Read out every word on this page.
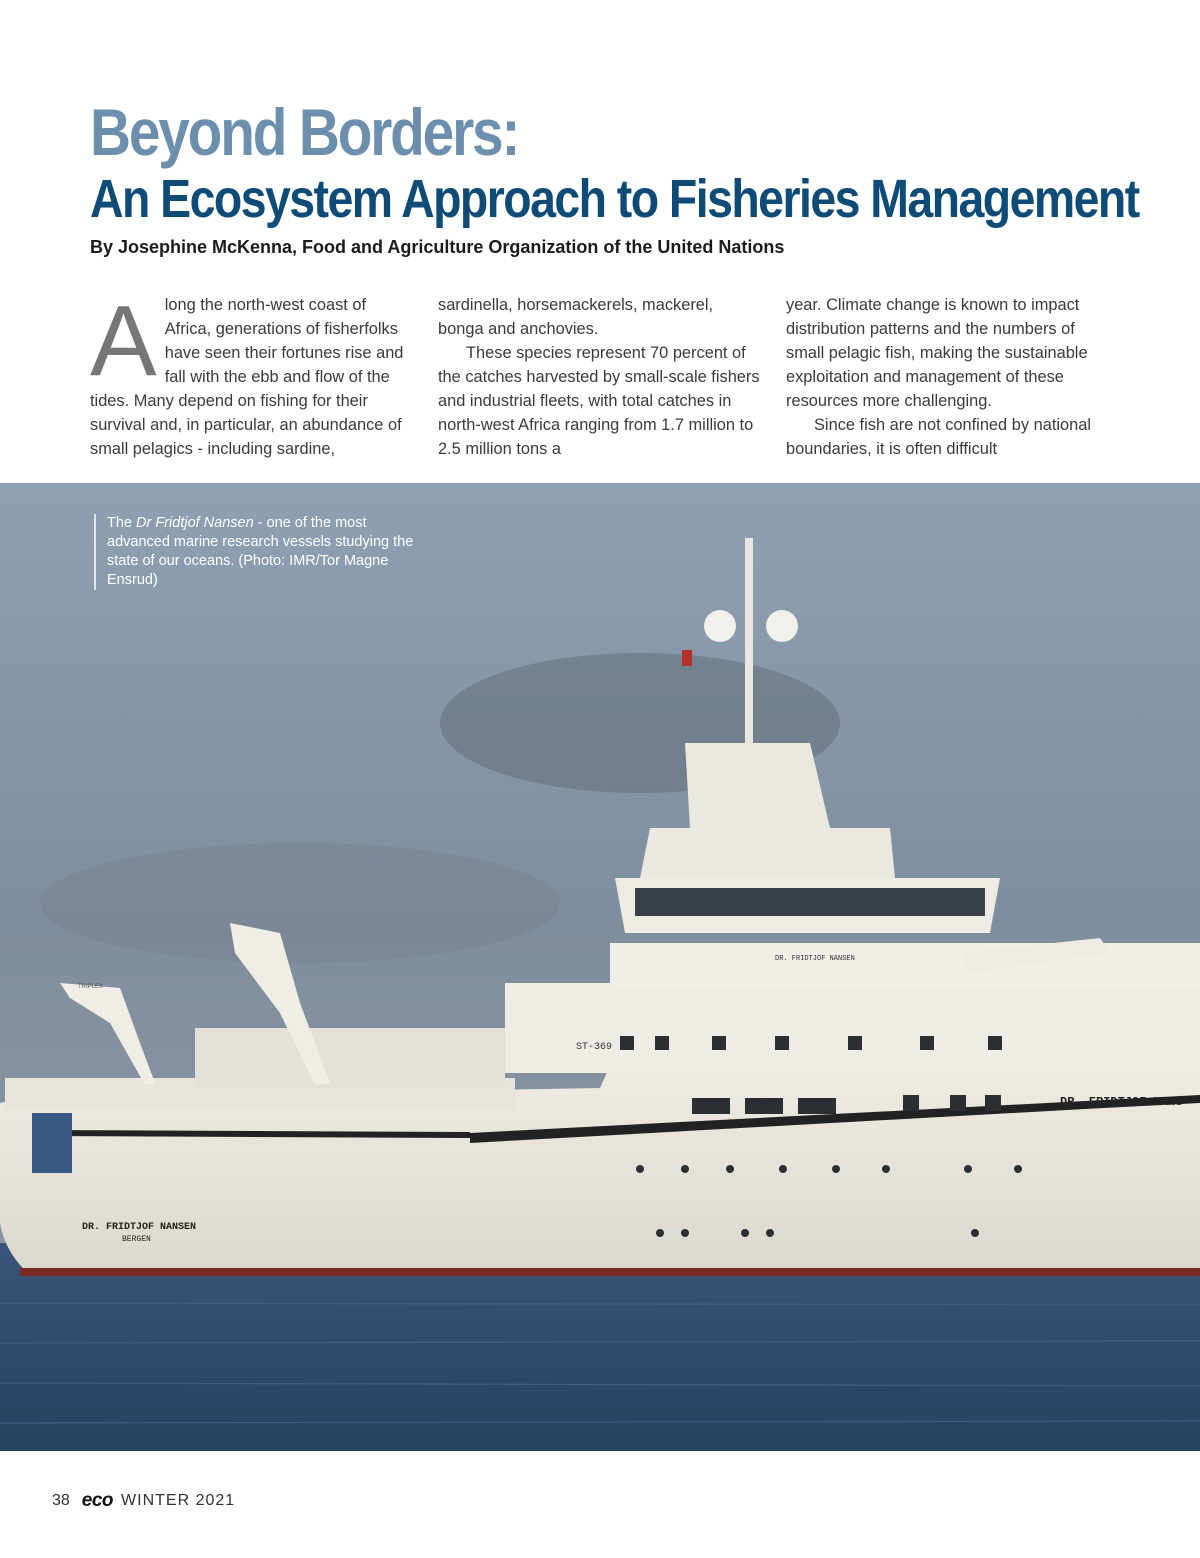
Beyond Borders:
An Ecosystem Approach to Fisheries Management
By Josephine McKenna, Food and Agriculture Organization of the United Nations

Along the north-west coast of Africa, generations of fisherfolks have seen their fortunes rise and fall with the ebb and flow of the tides. Many depend on fishing for their survival and, in particular, an abundance of small pelagics - including sardine,

sardinella, horsemackerels, mackerel, bonga and anchovies.

These species represent 70 percent of the catches harvested by small-scale fishers and industrial fleets, with total catches in north-west Africa ranging from 1.7 million to 2.5 million tons a

year. Climate change is known to impact distribution patterns and the numbers of small pelagic fish, making the sustainable exploitation and management of these resources more challenging.

Since fish are not confined by national boundaries, it is often difficult

DR. FRIDTJOF NANS
DR. FRIDTJOF NANSEN
BERGEN
ST-369
DR. FRIDTJOF NANSEN
TRIPLEX
The Dr Fridtjof Nansen - one of the most advanced marine research vessels studying the state of our oceans. (Photo: IMR/Tor Magne Ensrud)
38 eco WINTER 2021
